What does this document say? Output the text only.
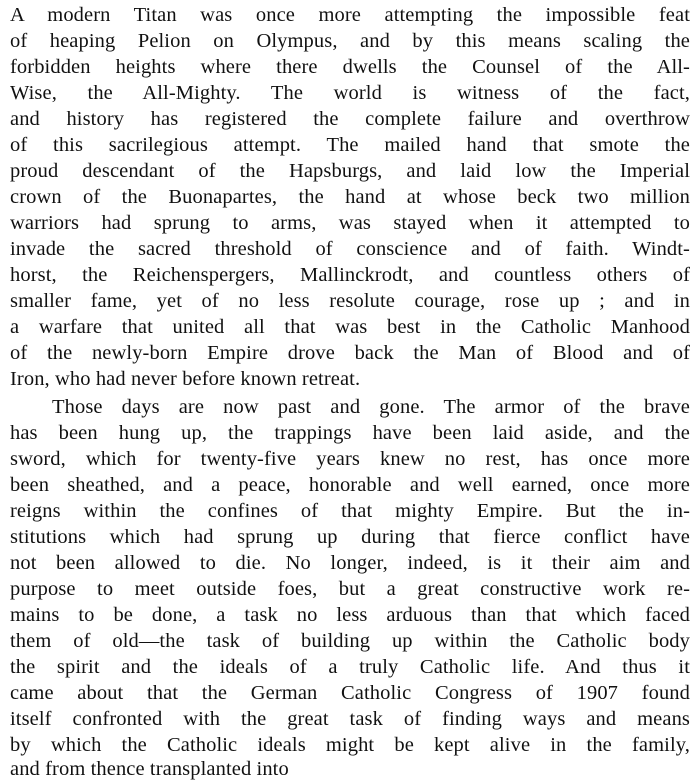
A modern Titan was once more attempting the impossible feat
of heaping Pelion on Olympus, and by this means scaling the
forbidden heights where there dwells the Counsel of the All-
Wise, the All-Mighty. The world is witness of the fact,
and history has registered the complete failure and overthrow
of this sacrilegious attempt. The mailed hand that smote the
proud descendant of the Hapsburgs, and laid low the Imperial
crown of the Buonapartes, the hand at whose beck two million
warriors had sprung to arms, was stayed when it attempted to
invade the sacred threshold of conscience and of faith. Windt-
horst, the Reichenspergers, Mallinckrodt, and countless others of
smaller fame, yet of no less resolute courage, rose up ; and in
a warfare that united all that was best in the Catholic Manhood
of the newly-born Empire drove back the Man of Blood and of
Iron, who had never before known retreat.
Those days are now past and gone. The armor of the brave
has been hung up, the trappings have been laid aside, and the
sword, which for twenty-five years knew no rest, has once more
been sheathed, and a peace, honorable and well earned, once more
reigns within the confines of that mighty Empire. But the in-
stitutions which had sprung up during that fierce conflict have
not been allowed to die. No longer, indeed, is it their aim and
purpose to meet outside foes, but a great constructive work re-
mains to be done, a task no less arduous than that which faced
them of old—the task of building up within the Catholic body
the spirit and the ideals of a truly Catholic life. And thus it
came about that the German Catholic Congress of 1907 found
itself confronted with the great task of finding ways and means
by which the Catholic ideals might be kept alive in the family,
and from thence transplanted into
